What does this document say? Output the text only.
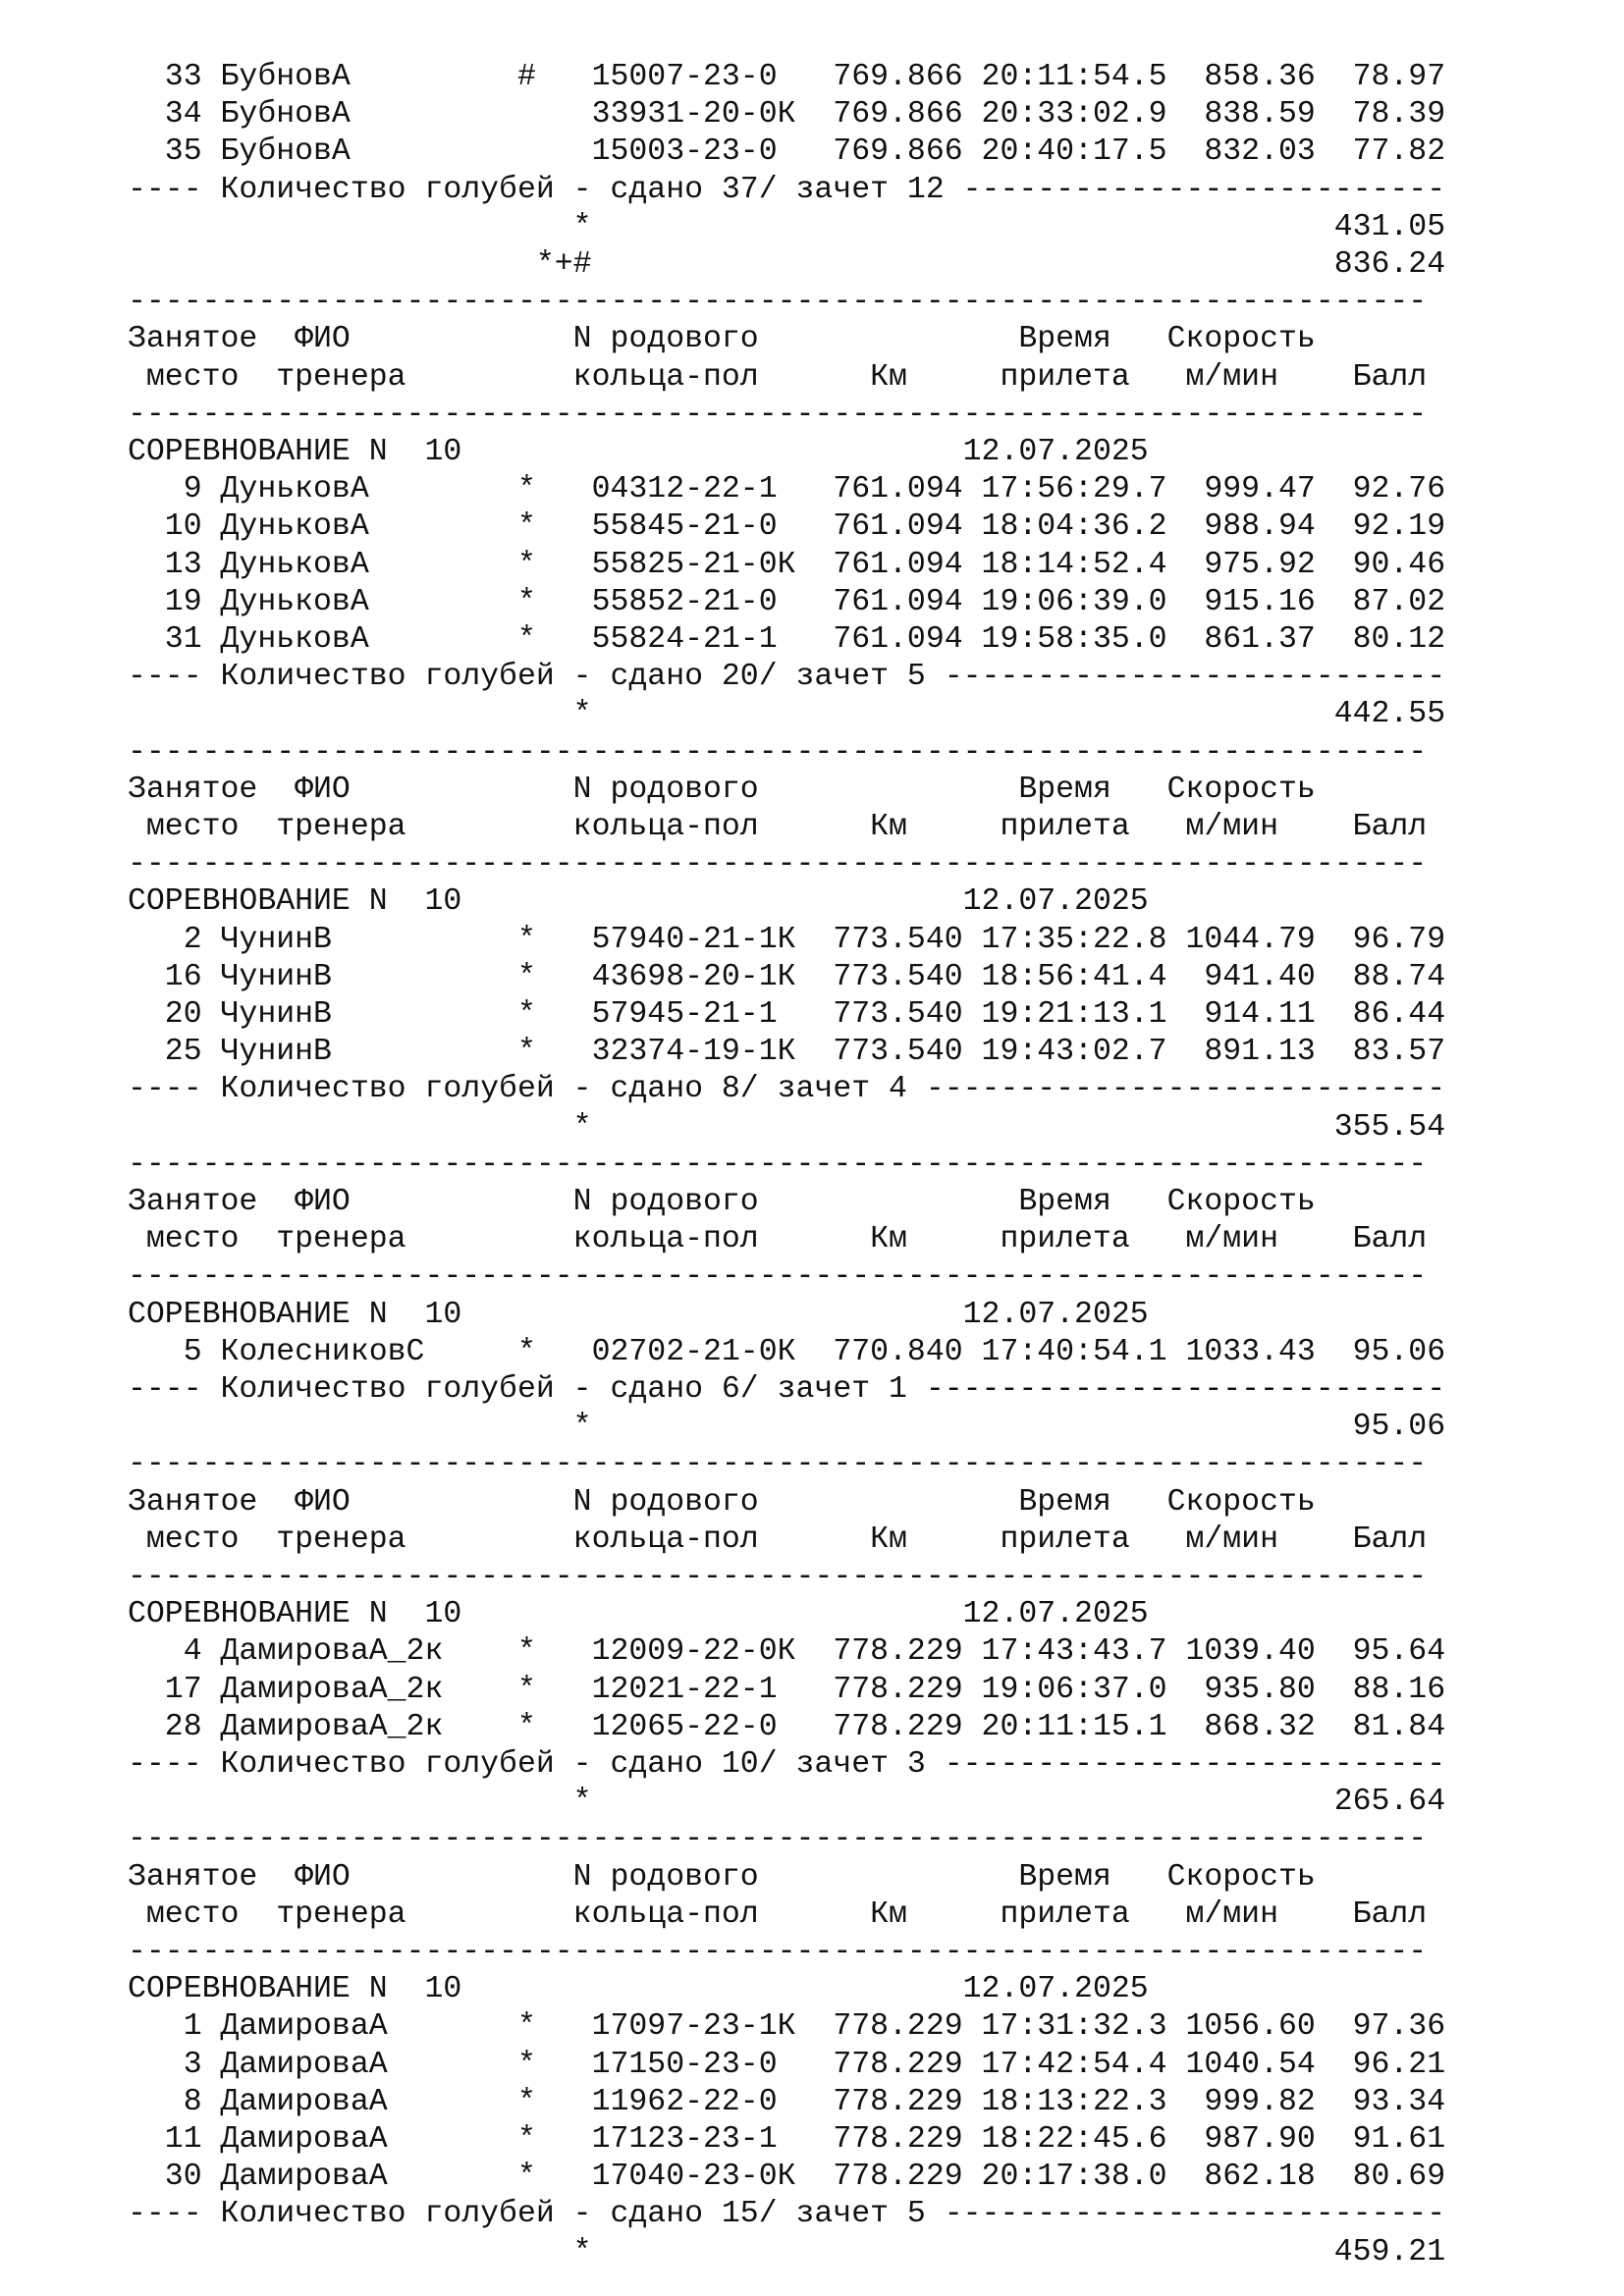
33 БубновА         #   15007-23-0   769.866 20:11:54.5  858.36  78.97
34 БубновА             33931-20-0К  769.866 20:33:02.9  838.59  78.39
35 БубновА             15003-23-0   769.866 20:40:17.5  832.03  77.82
---- Количество голубей - сдано 37/ зачет 12 --------------------------
*                                        431.05
*+#                                        836.24
----------------------------------------------------------------------
Занятое  ФИО            N родового              Время   Скорость
место  тренера         кольца-пол      Км     прилета   м/мин    Балл
----------------------------------------------------------------------
СОРЕВНОВАНИЕ N  10                           12.07.2025
9 ДуньковА        *   04312-22-1   761.094 17:56:29.7  999.47  92.76
10 ДуньковА        *   55845-21-0   761.094 18:04:36.2  988.94  92.19
13 ДуньковА        *   55825-21-0К  761.094 18:14:52.4  975.92  90.46
19 ДуньковА        *   55852-21-0   761.094 19:06:39.0  915.16  87.02
31 ДуньковА        *   55824-21-1   761.094 19:58:35.0  861.37  80.12
---- Количество голубей - сдано 20/ зачет 5 ---------------------------
*                                        442.55
----------------------------------------------------------------------
Занятое  ФИО            N родового              Время   Скорость
место  тренера         кольца-пол      Км     прилета   м/мин    Балл
----------------------------------------------------------------------
СОРЕВНОВАНИЕ N  10                           12.07.2025
2 ЧунинВ          *   57940-21-1К  773.540 17:35:22.8 1044.79  96.79
16 ЧунинВ          *   43698-20-1К  773.540 18:56:41.4  941.40  88.74
20 ЧунинВ          *   57945-21-1   773.540 19:21:13.1  914.11  86.44
25 ЧунинВ          *   32374-19-1К  773.540 19:43:02.7  891.13  83.57
---- Количество голубей - сдано 8/ зачет 4 ----------------------------
*                                        355.54
----------------------------------------------------------------------
Занятое  ФИО            N родового              Время   Скорость
место  тренера         кольца-пол      Км     прилета   м/мин    Балл
----------------------------------------------------------------------
СОРЕВНОВАНИЕ N  10                           12.07.2025
5 КолесниковС     *   02702-21-0К  770.840 17:40:54.1 1033.43  95.06
---- Количество голубей - сдано 6/ зачет 1 ----------------------------
*                                         95.06
----------------------------------------------------------------------
Занятое  ФИО            N родового              Время   Скорость
место  тренера         кольца-пол      Км     прилета   м/мин    Балл
----------------------------------------------------------------------
СОРЕВНОВАНИЕ N  10                           12.07.2025
4 ДамироваА_2к    *   12009-22-0К  778.229 17:43:43.7 1039.40  95.64
17 ДамироваА_2к    *   12021-22-1   778.229 19:06:37.0  935.80  88.16
28 ДамироваА_2к    *   12065-22-0   778.229 20:11:15.1  868.32  81.84
---- Количество голубей - сдано 10/ зачет 3 ---------------------------
*                                        265.64
----------------------------------------------------------------------
Занятое  ФИО            N родового              Время   Скорость
место  тренера         кольца-пол      Км     прилета   м/мин    Балл
----------------------------------------------------------------------
СОРЕВНОВАНИЕ N  10                           12.07.2025
1 ДамироваА       *   17097-23-1К  778.229 17:31:32.3 1056.60  97.36
3 ДамироваА       *   17150-23-0   778.229 17:42:54.4 1040.54  96.21
8 ДамироваА       *   11962-22-0   778.229 18:13:22.3  999.82  93.34
11 ДамироваА       *   17123-23-1   778.229 18:22:45.6  987.90  91.61
30 ДамироваА       *   17040-23-0К  778.229 20:17:38.0  862.18  80.69
---- Количество голубей - сдано 15/ зачет 5 ---------------------------
*                                        459.21
